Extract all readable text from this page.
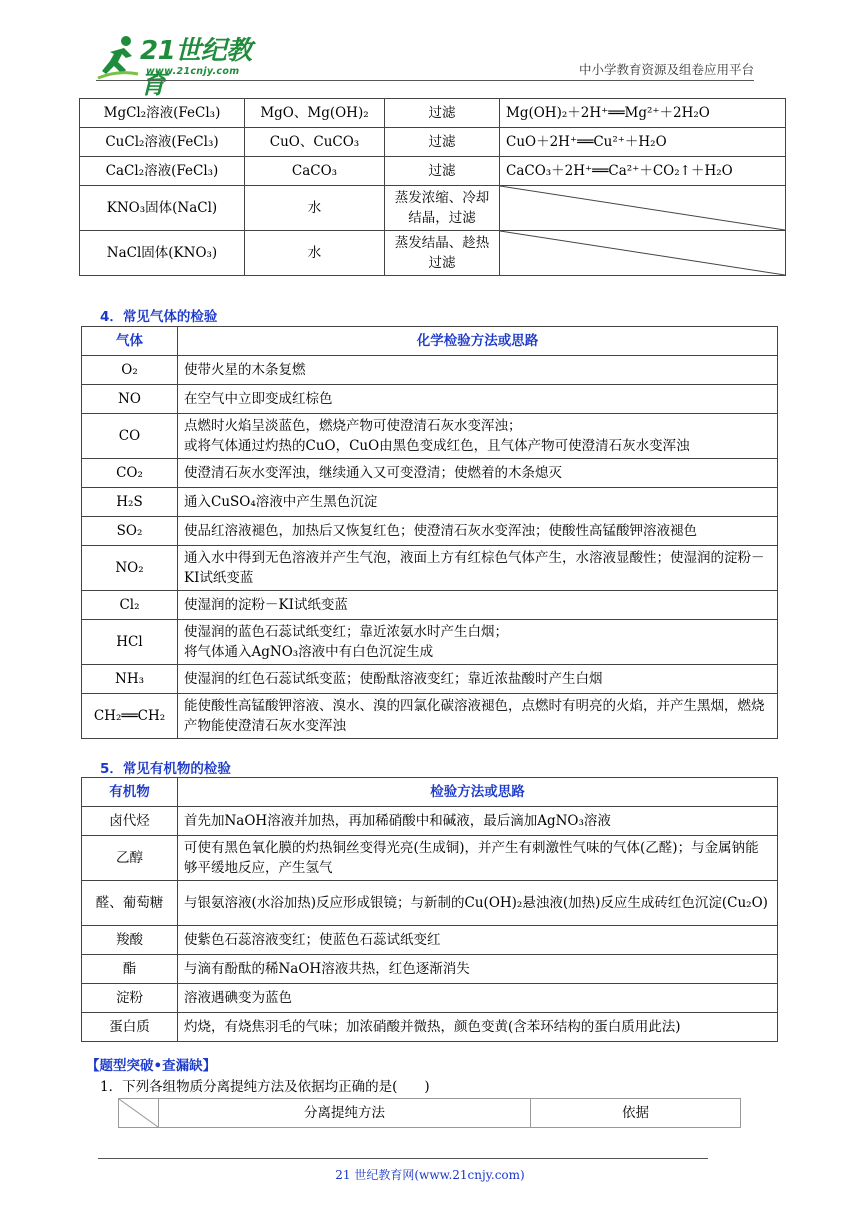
21世纪教育
www.21cnjy.com	中小学教育资源及组卷应用平台
MgCl₂溶液(FeCl₃)	MgO、Mg(OH)₂	过滤	Mg(OH)₂＋2H⁺══Mg²⁺＋2H₂O
CuCl₂溶液(FeCl₃)	CuO、CuCO₃	过滤	CuO＋2H⁺══Cu²⁺＋H₂O
CaCl₂溶液(FeCl₃)	CaCO₃	过滤	CaCO₃＋2H⁺══Ca²⁺＋CO₂↑＋H₂O
KNO₃固体(NaCl)	水	蒸发浓缩、冷却结晶，过滤	

NaCl固体(KNO₃)	水	蒸发结晶、趁热过滤	
4．常见气体的检验
气体	化学检验方法或思路
O₂	使带火星的木条复燃
NO	在空气中立即变成红棕色
CO	点燃时火焰呈淡蓝色，燃烧产物可使澄清石灰水变浑浊；
或将气体通过灼热的CuO，CuO由黑色变成红色，且气体产物可使澄清石灰水变浑浊
CO₂	使澄清石灰水变浑浊，继续通入又可变澄清；使燃着的木条熄灭
H₂S	通入CuSO₄溶液中产生黑色沉淀
SO₂	使品红溶液褪色，加热后又恢复红色；使澄清石灰水变浑浊；使酸性高锰酸钾溶液褪色
NO₂	通入水中得到无色溶液并产生气泡，液面上方有红棕色气体产生，水溶液显酸性；使湿润的淀粉－KI试纸变蓝
Cl₂	使湿润的淀粉－KI试纸变蓝
HCl	使湿润的蓝色石蕊试纸变红；靠近浓氨水时产生白烟；
将气体通入AgNO₃溶液中有白色沉淀生成
NH₃	使湿润的红色石蕊试纸变蓝；使酚酞溶液变红；靠近浓盐酸时产生白烟
CH₂══CH₂	能使酸性高锰酸钾溶液、溴水、溴的四氯化碳溶液褪色，点燃时有明亮的火焰，并产生黑烟，燃烧产物能使澄清石灰水变浑浊
5．常见有机物的检验
有机物	检验方法或思路
卤代烃	首先加NaOH溶液并加热，再加稀硝酸中和碱液，最后滴加AgNO₃溶液
乙醇	可使有黑色氧化膜的灼热铜丝变得光亮(生成铜)，并产生有刺激性气味的气体(乙醛)；与金属钠能够平缓地反应，产生氢气
醛、葡萄糖	与银氨溶液(水浴加热)反应形成银镜；与新制的Cu(OH)₂悬浊液(加热)反应生成砖红色沉淀(Cu₂O)
羧酸	使紫色石蕊溶液变红；使蓝色石蕊试纸变红
酯	与滴有酚酞的稀NaOH溶液共热，红色逐渐消失
淀粉	溶液遇碘变为蓝色
蛋白质	灼烧，有烧焦羽毛的气味；加浓硝酸并微热，颜色变黄(含苯环结构的蛋白质用此法)
【题型突破•查漏缺】
1．下列各组物质分离提纯方法及依据均正确的是(　　)
	分离提纯方法	依据
21 世纪教育网(www.21cnjy.com)
